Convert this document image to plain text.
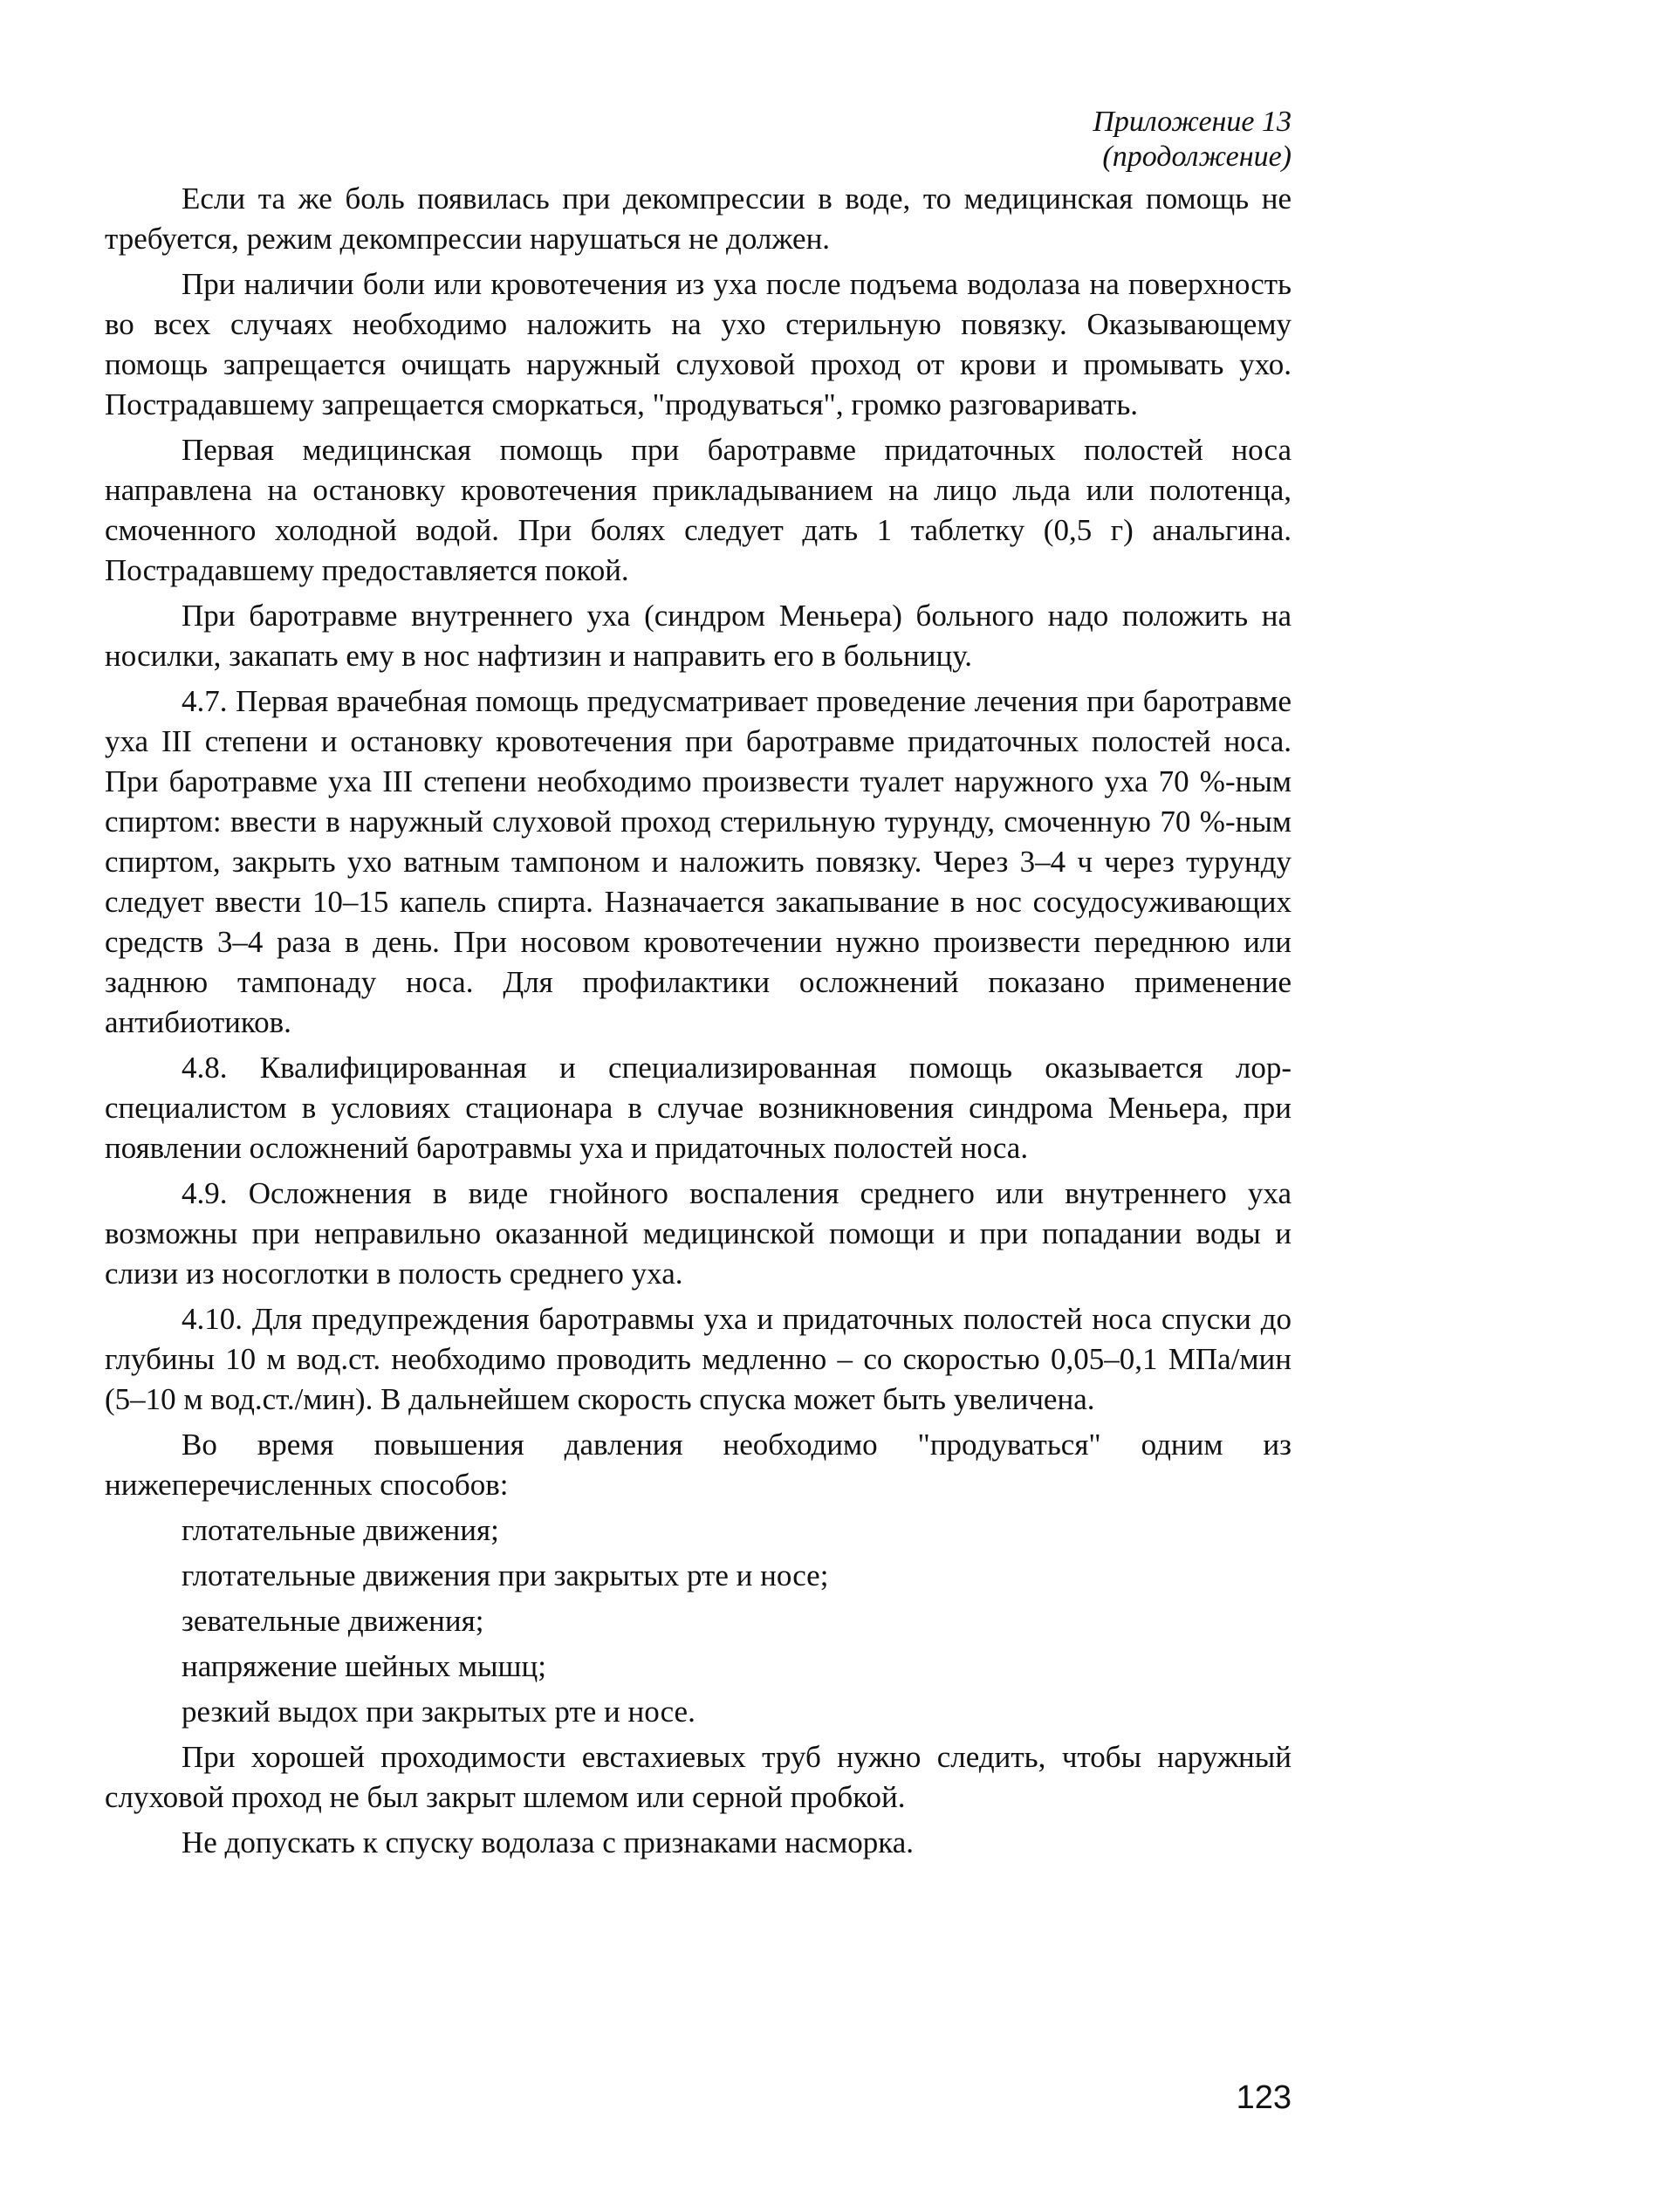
Приложение 13
(продолжение)

Если та же боль появилась при декомпрессии в воде, то медицинская помощь не требуется, режим декомпрессии нарушаться не должен.

При наличии боли или кровотечения из уха после подъема водолаза на поверхность во всех случаях необходимо наложить на ухо стерильную повязку. Оказывающему помощь запрещается очищать наружный слуховой проход от крови и промывать ухо. Пострадавшему запрещается сморкаться, "продуваться", громко разговаривать.

Первая медицинская помощь при баротравме придаточных полостей носа направлена на остановку кровотечения прикладыванием на лицо льда или полотенца, смоченного холодной водой. При болях следует дать 1 таблетку (0,5 г) анальгина. Пострадавшему предоставляется покой.

При баротравме внутреннего уха (синдром Меньера) больного надо положить на носилки, закапать ему в нос нафтизин и направить его в больницу.

4.7. Первая врачебная помощь предусматривает проведение лечения при баротравме уха III степени и остановку кровотечения при баротравме придаточных полостей носа. При баротравме уха III степени необходимо произвести туалет наружного уха 70 %-ным спиртом: ввести в наружный слуховой проход стерильную турунду, смоченную 70 %-ным спиртом, закрыть ухо ватным тампоном и наложить повязку. Через 3–4 ч через турунду следует ввести 10–15 капель спирта. Назначается закапывание в нос сосудосуживающих средств 3–4 раза в день. При носовом кровотечении нужно произвести переднюю или заднюю тампонаду носа. Для профилактики осложнений показано применение антибиотиков.

4.8. Квалифицированная и специализированная помощь оказывается лор-специалистом в условиях стационара в случае возникновения синдрома Меньера, при появлении осложнений баротравмы уха и придаточных полостей носа.

4.9. Осложнения в виде гнойного воспаления среднего или внутреннего уха возможны при неправильно оказанной медицинской помощи и при попадании воды и слизи из носоглотки в полость среднего уха.

4.10. Для предупреждения баротравмы уха и придаточных полостей носа спуски до глубины 10 м вод.ст. необходимо проводить медленно – со скоростью 0,05–0,1 МПа/мин (5–10 м вод.ст./мин). В дальнейшем скорость спуска может быть увеличена.

Во время повышения давления необходимо "продуваться" одним из нижеперечисленных способов:

глотательные движения;

глотательные движения при закрытых рте и носе;

зевательные движения;

напряжение шейных мышц;

резкий выдох при закрытых рте и носе.

При хорошей проходимости евстахиевых труб нужно следить, чтобы наружный слуховой проход не был закрыт шлемом или серной пробкой.

Не допускать к спуску водолаза с признаками насморка.

123
